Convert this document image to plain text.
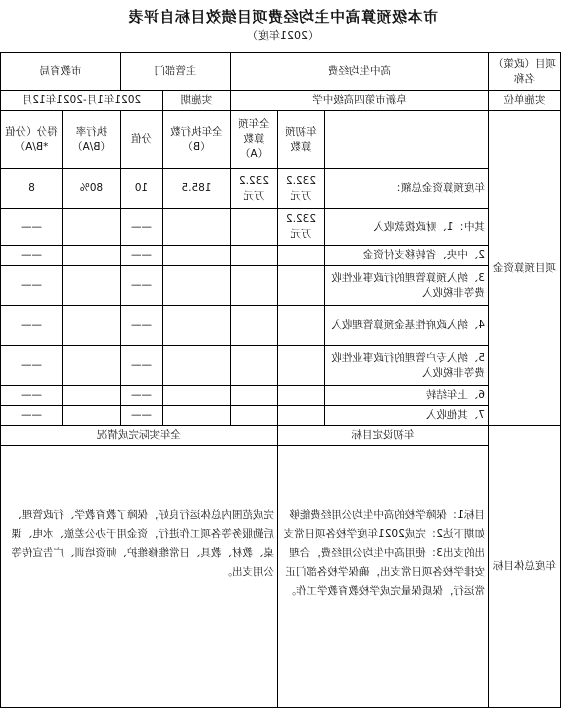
市本级预算高中主均经费项目绩效目标自评表
（2021年度）
项目（政策）名称	高中生均经费			主管部门		市教育局	
实施单位	阜新市第四高级中学			实施期	2021年1月-2021年12月		
项目预算资金		年初预算数	全年预算数（A）	全年执行数（B）	分值	执行率（B/A）	得分（分值*B/A）
	年度预算资金总额：	232.2万元	232.2万元	185.5	10	80%	8
	其中：1、财政拨款收入	232.2万元			——		——
	2、中央、省转移支付资金				——		——
	3、纳入预算管理的行政事业性收费等非税收入				——		——
	4、纳入政府性基金预算管理收入				——		——
	5、纳入专户管理的行政事业性收费等非税收入				——		——
	6、上年结转				——		——
	7、其他收入				——		——
年度总体目标	年初设定目标		全年实际完成情况				
	目标1：保障学校的高中生均公用经费能够如期下达2：完成2021年度学校各项日常支出的支出3：使用高中生均公用经费，合理安排学校各项日常支出，确保学校各部门正常运行，保质保量完成学校教育教学工作。		完成范围内总体运行良好，保障了教育教学、行政管理、后勤服务等各项工作进行，资金用于办公差旅、水电、课桌、教材、教具、日常维修维护、师资培训、广告宣传等公用支出。				
